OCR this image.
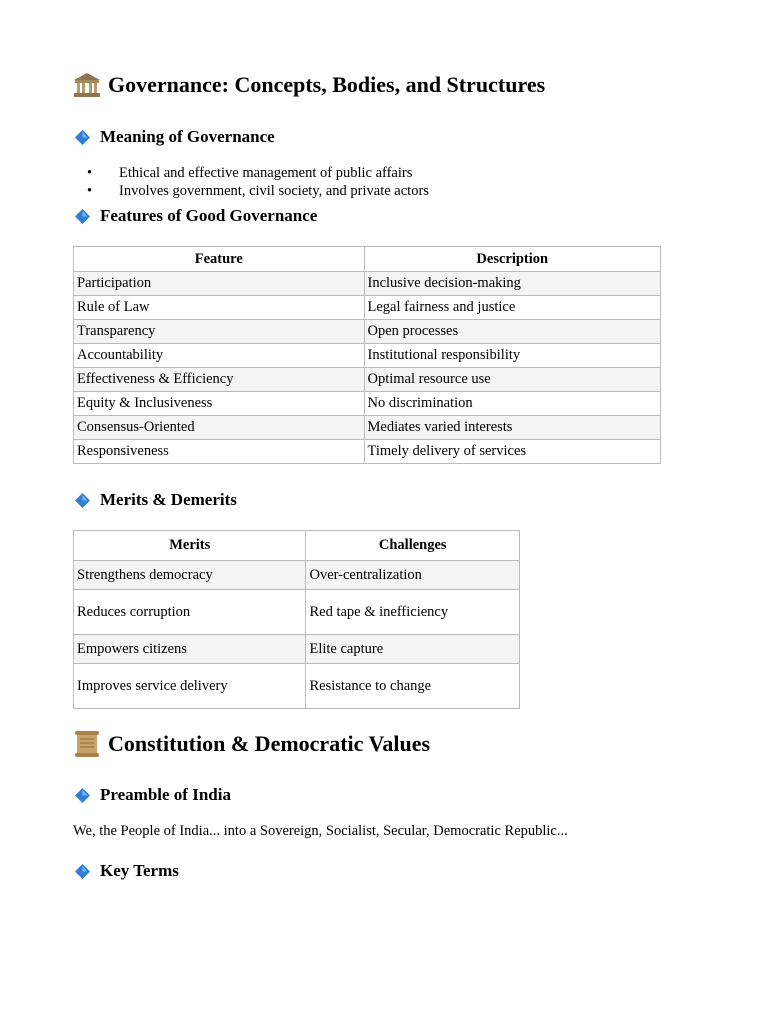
Governance: Concepts, Bodies, and Structures
Meaning of Governance
•	Ethical and effective management of public affairs
•	Involves government, civil society, and private actors
Features of Good Governance
Feature	Description
Participation	Inclusive decision-making
Rule of Law	Legal fairness and justice
Transparency	Open processes
Accountability	Institutional responsibility
Effectiveness & Efficiency	Optimal resource use
Equity & Inclusiveness	No discrimination
Consensus-Oriented	Mediates varied interests
Responsiveness	Timely delivery of services
Merits & Demerits
Merits	Challenges
Strengthens democracy	Over-centralization
Reduces corruption	Red tape & inefficiency
Empowers citizens	Elite capture
Improves service delivery	Resistance to change
Constitution & Democratic Values
Preamble of India
We, the People of India... into a Sovereign, Socialist, Secular, Democratic Republic...
Key Terms
